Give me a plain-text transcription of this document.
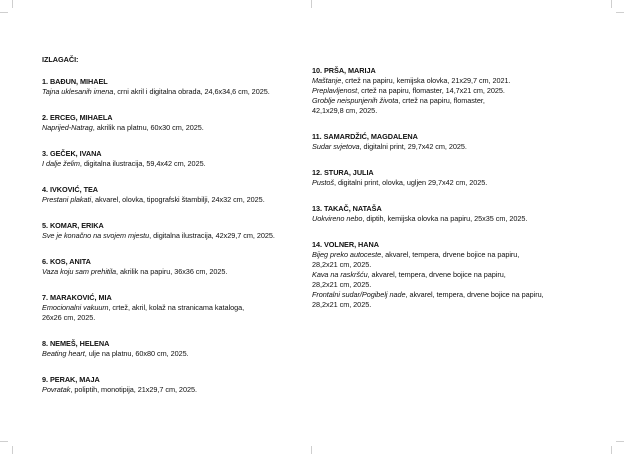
IZLAGAČI:
1. BAĐUN, MIHAEL
Tajna uklesanih imena, crni akril i digitalna obrada, 24,6x34,6 cm, 2025.
2. ERCEG, MIHAELA
Naprijed-Natrag, akrilik na platnu, 60x30 cm, 2025.
3. GEČEK, IVANA
I dalje želim, digitalna ilustracija, 59,4x42 cm, 2025.
4. IVKOVIĆ, TEA
Prestani plakati, akvarel, olovka, tipografski štambilji, 24x32 cm, 2025.
5. KOMAR, ERIKA
Sve je konačno na svojem mjestu, digitalna ilustracija, 42x29,7 cm, 2025.
6. KOS, ANITA
Vaza koju sam prehitila, akrilik na papiru, 36x36 cm, 2025.
7. MARAKOVIĆ, MIA
Emocionalni vakuum, crtež, akril, kolaž na stranicama kataloga,
26x26 cm, 2025.
8. NEMEŠ, HELENA
Beating heart, ulje na platnu, 60x80 cm, 2025.
9. PERAK, MAJA
Povratak, poliptih, monotipija, 21x29,7 cm, 2025.
10. PRŠA, MARIJA
Maštanje, crtež na papiru, kemijska olovka, 21x29,7 cm, 2021.
Preplavljenost, crtež na papiru, flomaster, 14,7x21 cm, 2025.
Groblje neispunjenih života, crtež na papiru, flomaster,
42,1x29,8 cm, 2025.
11. SAMARDŽIĆ, MAGDALENA
Sudar svjetova, digitalni print, 29,7x42 cm, 2025.
12. STURA, JULIA
Pustoš, digitalni print, olovka, ugljen 29,7x42 cm, 2025.
13. TAKAČ, NATAŠA
Uokvireno nebo, diptih, kemijska olovka na papiru, 25x35 cm, 2025.
14. VOLNER, HANA
Bijeg preko autoceste, akvarel, tempera, drvene bojice na papiru,
28,2x21 cm, 2025.
Kava na raskršću, akvarel, tempera, drvene bojice na papiru,
28,2x21 cm, 2025.
Frontalni sudar/Pogibelj nade, akvarel, tempera, drvene bojice na papiru,
28,2x21 cm, 2025.
